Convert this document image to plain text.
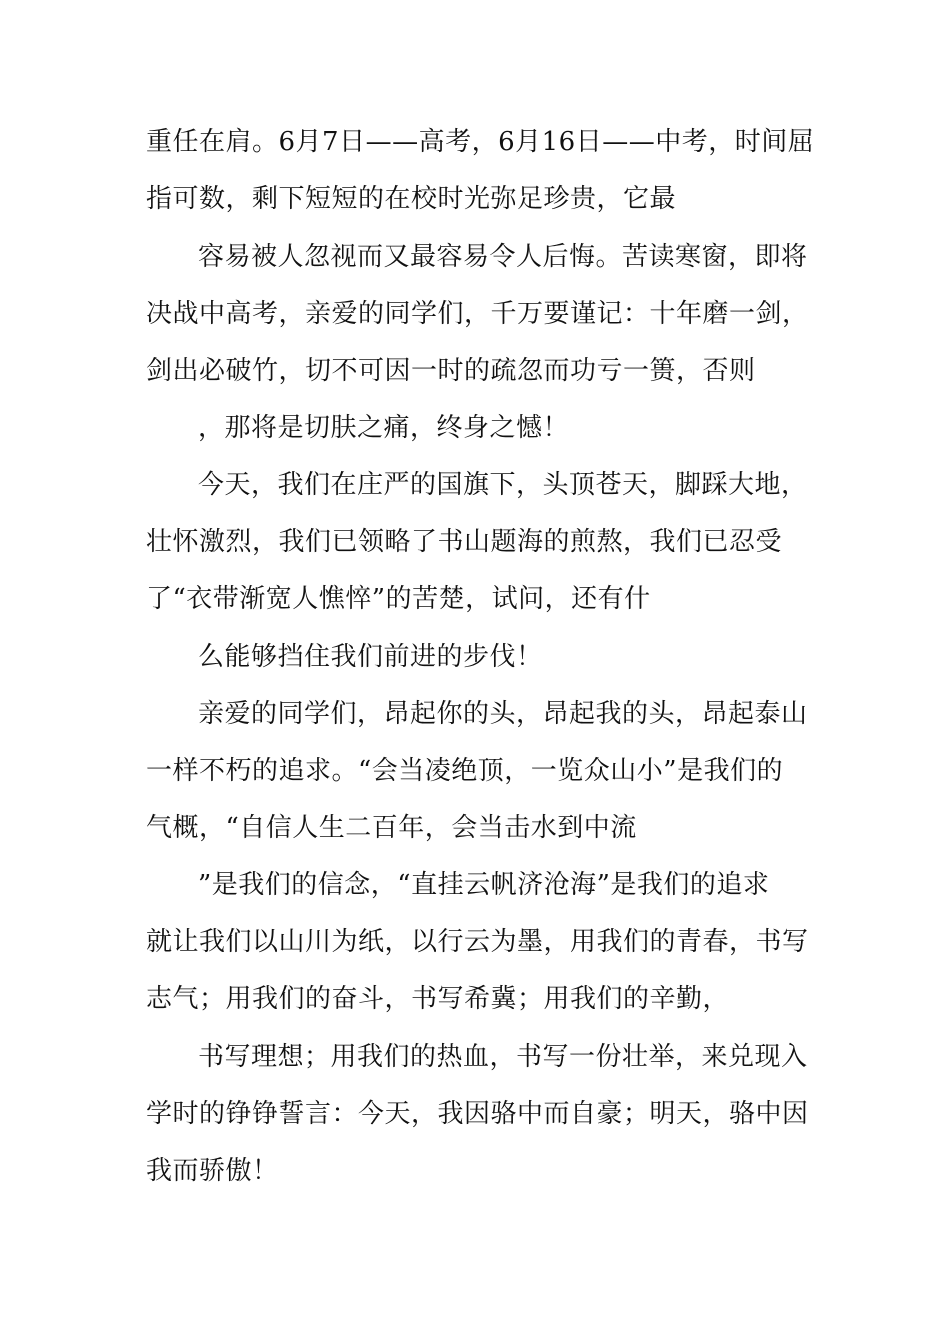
重任在肩。6月7日——高考，6月16日——中考，时间屈
指可数，剩下短短的在校时光弥足珍贵，它最
容易被人忽视而又最容易令人后悔。苦读寒窗，即将
决战中高考，亲爱的同学们，千万要谨记：十年磨一剑，
剑出必破竹，切不可因一时的疏忽而功亏一篑，否则
，那将是切肤之痛，终身之憾！
今天，我们在庄严的国旗下，头顶苍天，脚踩大地，
壮怀激烈，我们已领略了书山题海的煎熬，我们已忍受
了“衣带渐宽人憔悴”的苦楚，试问，还有什
么能够挡住我们前进的步伐！
亲爱的同学们，昂起你的头，昂起我的头，昂起泰山
一样不朽的追求。“会当凌绝顶，一览众山小”是我们的
气概，“自信人生二百年，会当击水到中流
”是我们的信念，“直挂云帆济沧海”是我们的追求
就让我们以山川为纸，以行云为墨，用我们的青春，书写
志气；用我们的奋斗，书写希冀；用我们的辛勤，
书写理想；用我们的热血，书写一份壮举，来兑现入
学时的铮铮誓言：今天，我因骆中而自豪；明天，骆中因
我而骄傲！
